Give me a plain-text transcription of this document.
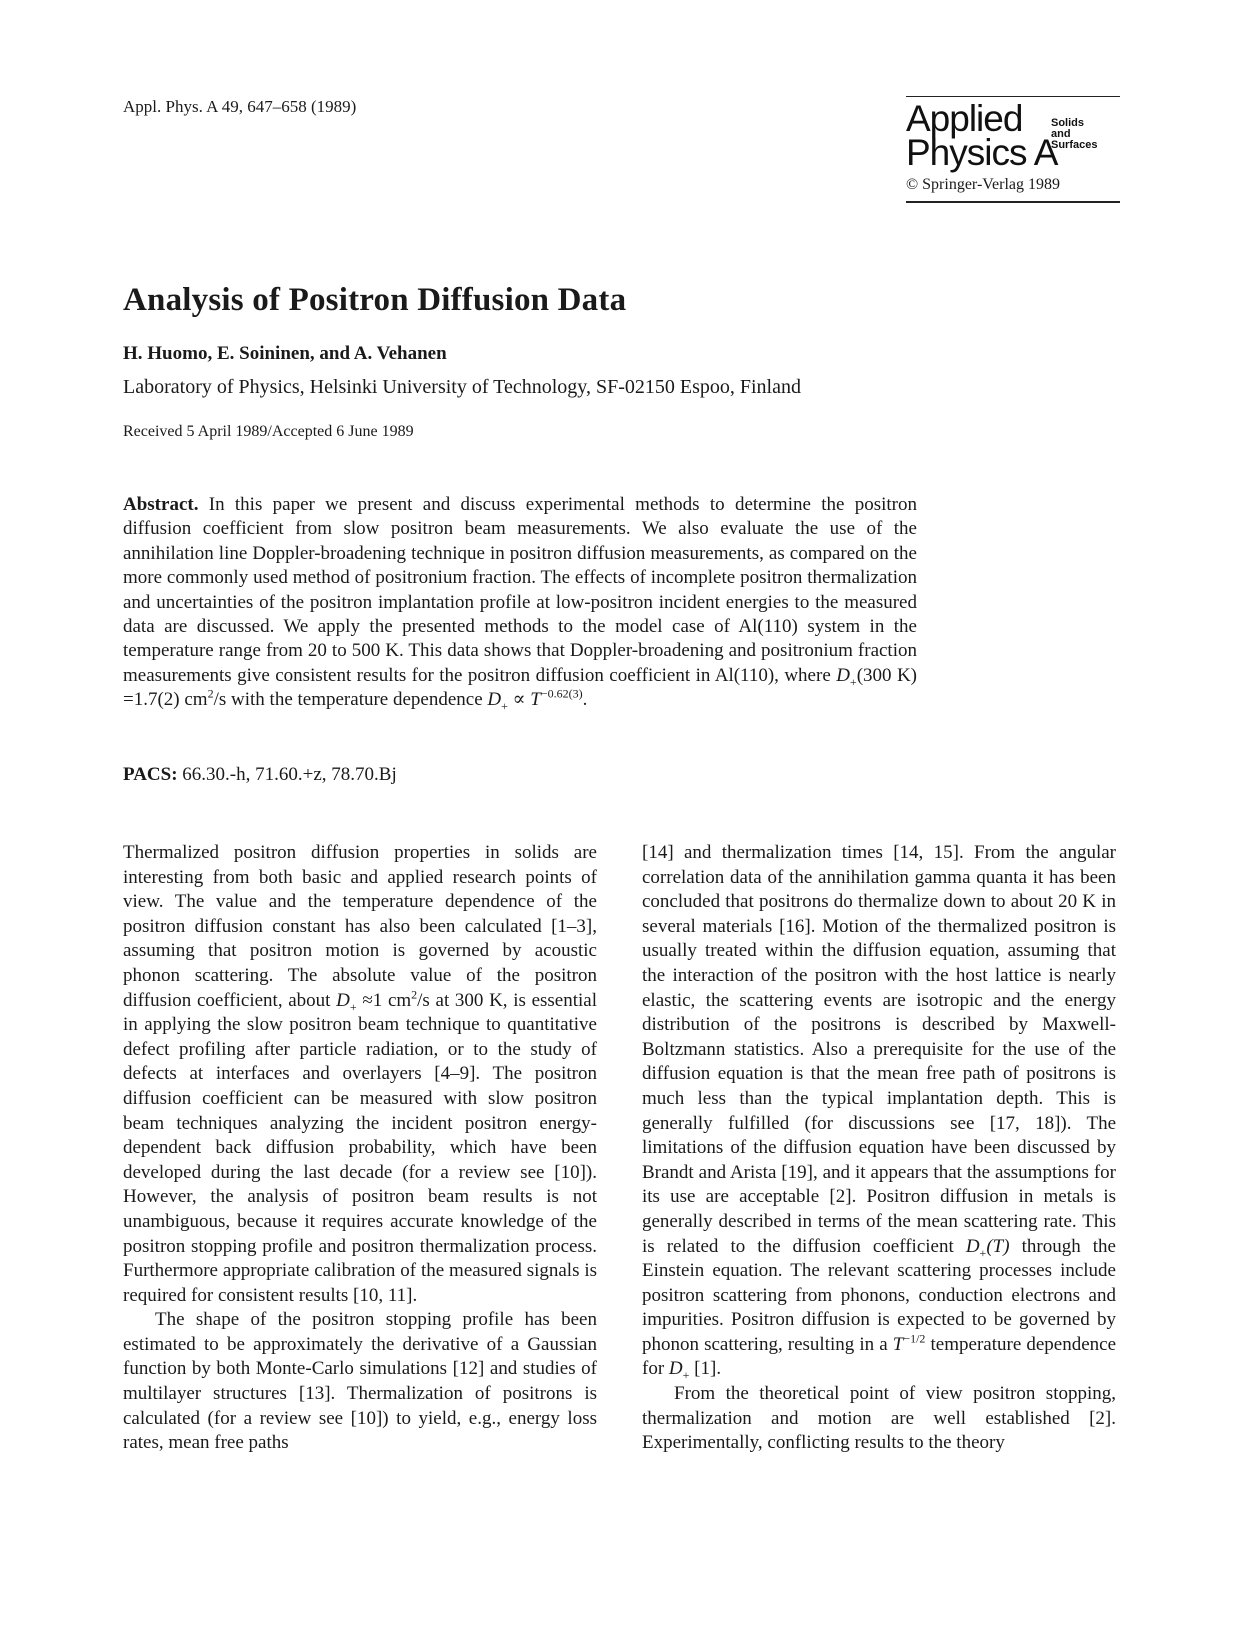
Appl. Phys. A 49, 647–658 (1989)	Applied
Physics A
Solids
and
Surfaces
© Springer-Verlag 1989
Analysis of Positron Diffusion Data
H. Huomo, E. Soininen, and A. Vehanen
Laboratory of Physics, Helsinki University of Technology, SF-02150 Espoo, Finland
Received 5 April 1989/Accepted 6 June 1989
Abstract. In this paper we present and discuss experimental methods to determine the positron diffusion coefficient from slow positron beam measurements. We also evaluate the use of the annihilation line Doppler-broadening technique in positron diffusion measurements, as compared on the more commonly used method of positronium fraction. The effects of incomplete positron thermalization and uncertainties of the positron implantation profile at low-positron incident energies to the measured data are discussed. We apply the presented methods to the model case of Al(110) system in the temperature range from 20 to 500 K. This data shows that Doppler-broadening and positronium fraction measurements give consistent results for the positron diffusion coefficient in Al(110), where $D_+(300$ K) =1.7(2) $cm^2/s$ with the temperature dependence $D_+ \propto T^{-0.62(3)}$.
PACS: 66.30.-h, 71.60.+z, 78.70.Bj

Thermalized positron diffusion properties in solids are interesting from both basic and applied research points of view. The value and the temperature dependence of the positron diffusion constant has also been calculated [1–3], assuming that positron motion is governed by acoustic phonon scattering. The absolute value of the positron diffusion coefficient, about $D_+ \approx 1$ $cm^2/s$ at 300 K, is essential in applying the slow positron beam technique to quantitative defect profiling after particle radiation, or to the study of defects at interfaces and overlayers [4–9]. The positron diffusion coefficient can be measured with slow positron beam techniques analyzing the incident positron energy-dependent back diffusion probability, which have been developed during the last decade (for a review see [10]). However, the analysis of positron beam results is not unambiguous, because it requires accurate knowledge of the positron stopping profile and positron thermalization process. Furthermore appropriate calibration of the measured signals is required for consistent results [10, 11].

The shape of the positron stopping profile has been estimated to be approximately the derivative of a Gaussian function by both Monte-Carlo simulations [12] and studies of multilayer structures [13]. Thermalization of positrons is calculated (for a review see [10]) to yield, e.g., energy loss rates, mean free paths

[14] and thermalization times [14, 15]. From the angular correlation data of the annihilation gamma quanta it has been concluded that positrons do thermalize down to about 20 K in several materials [16]. Motion of the thermalized positron is usually treated within the diffusion equation, assuming that the interaction of the positron with the host lattice is nearly elastic, the scattering events are isotropic and the energy distribution of the positrons is described by Maxwell-Boltzmann statistics. Also a prerequisite for the use of the diffusion equation is that the mean free path of positrons is much less than the typical implantation depth. This is generally fulfilled (for discussions see [17, 18]). The limitations of the diffusion equation have been discussed by Brandt and Arista [19], and it appears that the assumptions for its use are acceptable [2]. Positron diffusion in metals is generally described in terms of the mean scattering rate. This is related to the diffusion coefficient $D_+(T)$ through the Einstein equation. The relevant scattering processes include positron scattering from phonons, conduction electrons and impurities. Positron diffusion is expected to be governed by phonon scattering, resulting in a $T^{-1/2}$ temperature dependence for $D_+$ [1].

From the theoretical point of view positron stopping, thermalization and motion are well established [2]. Experimentally, conflicting results to the theory
